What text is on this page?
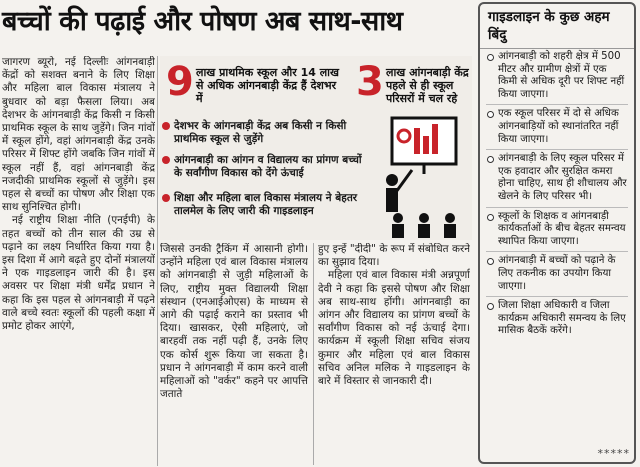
बच्चों की पढ़ाई और पोषण अब साथ-साथ

जागरण ब्यूरो, नई दिल्लीः आंगनबाड़ी केंद्रों को सशक्त बनाने के लिए शिक्षा और महिला बाल विकास मंत्रालय ने बुधवार को बड़ा फैसला लिया। अब देशभर के आंगनबाड़ी केंद्र किसी न किसी प्राथमिक स्कूल के साथ जुड़ेंगे। जिन गांवों में स्कूल होंगे, वहां आंगनबाड़ी केंद्र उनके परिसर में शिफ्ट होंगे जबकि जिन गांवों में स्कूल नहीं हैं, वहां आंगनबाड़ी केंद्र नजदीकी प्राथमिक स्कूलों से जुड़ेंगे। इस पहल से बच्चों का पोषण और शिक्षा एक साथ सुनिश्चित होगी।

नई राष्ट्रीय शिक्षा नीति (एनईपी) के तहत बच्चों को तीन साल की उम्र से पढ़ाने का लक्ष्य निर्धारित किया गया है। इस दिशा में आगे बढ़ते हुए दोनों मंत्रालयों ने एक गाइडलाइन जारी की है। इस अवसर पर शिक्षा मंत्री धर्मेंद्र प्रधान ने कहा कि इस पहल से आंगनबाड़ी में पढ़ने वाले बच्चे स्वतः स्कूलों की पहली कक्षा में प्रमोट होकर आएंगे,

9 लाख प्राथमिक स्कूल और 14 लाख से अधिक आंगनबाड़ी केंद्र हैं देशभर में	3 लाख आंगनबाड़ी केंद्र पहले से ही स्कूल परिसरों में चल रहे
देशभर के आंगनबाड़ी केंद्र अब किसी न किसी प्राथमिक स्कूल से जुड़ेंगे
आंगनबाड़ी का आंगन व विद्यालय का प्रांगण बच्चों के सर्वांगीण विकास को देंगे ऊंचाई
शिक्षा और महिला बाल विकास मंत्रालय ने बेहतर तालमेल के लिए जारी की गाइडलाइन

जिससे उनकी ट्रैकिंग में आसानी होगी। उन्होंने महिला एवं बाल विकास मंत्रालय को आंगनबाड़ी से जुड़ी महिलाओं के लिए, राष्ट्रीय मुक्त विद्यालयी शिक्षा संस्थान (एनआईओएस) के माध्यम से आगे की पढ़ाई कराने का प्रस्ताव भी दिया। खासकर, ऐसी महिलाएं, जो बारहवीं तक नहीं पढ़ी हैं, उनके लिए एक कोर्स शुरू किया जा सकता है। प्रधान ने आंगनबाड़ी में काम करने वाली महिलाओं को "वर्कर" कहने पर आपत्ति जताते

हुए इन्हें "दीदी" के रूप में संबोधित करने का सुझाव दिया।

महिला एवं बाल विकास मंत्री अन्नपूर्णा देवी ने कहा कि इससे पोषण और शिक्षा अब साथ-साथ होंगी। आंगनबाड़ी का आंगन और विद्यालय का प्रांगण बच्चों के सर्वांगीण विकास को नई ऊंचाई देगा। कार्यक्रम में स्कूली शिक्षा सचिव संजय कुमार और महिला एवं बाल विकास सचिव अनिल मलिक ने गाइडलाइन के बारे में विस्तार से जानकारी दी।

गाइडलाइन के कुछ अहम बिंदु
आंगनबाड़ी को शहरी क्षेत्र में 500 मीटर और ग्रामीण क्षेत्रों में एक किमी से अधिक दूरी पर शिफ्ट नहीं किया जाएगा।
एक स्कूल परिसर में दो से अधिक आंगनबाड़ियों को स्थानांतरित नहीं किया जाएगा।
आंगनबाड़ी के लिए स्कूल परिसर में एक हवादार और सुरक्षित कमरा होना चाहिए, साथ ही शौचालय और खेलने के लिए परिसर भी।
स्कूलों के शिक्षक व आंगनबाड़ी कार्यकर्ताओं के बीच बेहतर समन्वय स्थापित किया जाएगा।
आंगनबाड़ी में बच्चों को पढ़ाने के लिए तकनीक का उपयोग किया जाएगा।
जिला शिक्षा अधिकारी व जिला कार्यक्रम अधिकारी समन्वय के लिए मासिक बैठकें करेंगे।
*****
